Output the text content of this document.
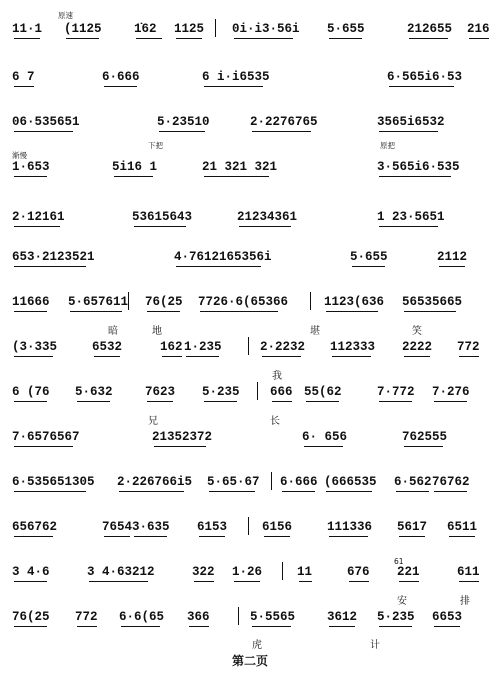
11·1 (1125	1̇62 1125 0i·i3·56i 5·655	212655 216
6 7	6·666	6 i·i6535	6·565i6·53
06·535651	5·23510	2·2276765	3565i6532
1·653	5i16 1	21 321 321	3·565i6·535
2·12161	53615643	21234361	1 23·5651
653·2123521	4·7612165356i	5·655	2112
11666 5·657611 76(25 7726·6(65366	1123(636 56535665
(3·335	6532	162 1·235	2·2232 112333 2222 772
6 (76 5·632	7623 5·235 666 55(62	7·772 7·276
7·6576567	21352372	6· 656	762555
6·535651305 2·226766i5 5·65·67 6·666 (666535 6·562 76762
656762	7654 3·635 6153	6156	111336 5617 6511
3 4·6	3 4·63212	322 1·26	11	676 221	611
76(25 772 6·6(65 366	5·5565	3612 5·235 6653
暗	地	堪	笑
我
兄	长
安	排
虎	计
原速
渐慢
下把	原把
61
第二页
